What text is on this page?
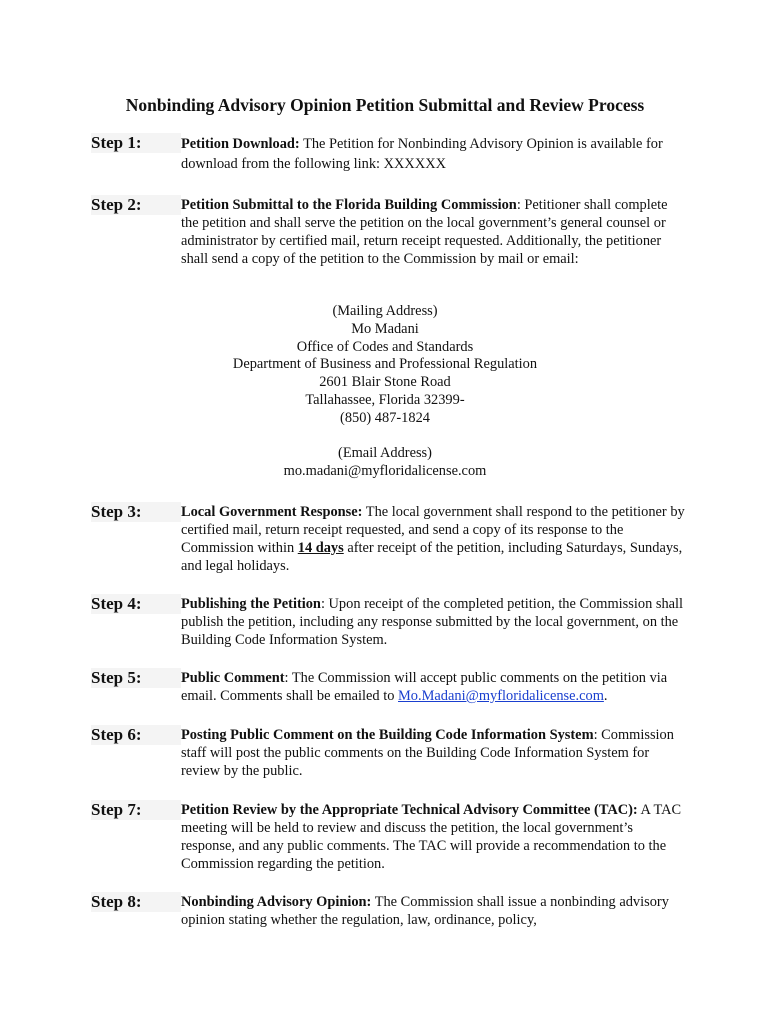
Nonbinding Advisory Opinion Petition Submittal and Review Process
Step 1:	Petition Download: The Petition for Nonbinding Advisory Opinion is available for download from the following link: XXXXXX
Step 2:	Petition Submittal to the Florida Building Commission: Petitioner shall complete the petition and shall serve the petition on the local government’s general counsel or administrator by certified mail, return receipt requested. Additionally, the petitioner shall send a copy of the petition to the Commission by mail or email:
(Mailing Address)
Mo Madani
Office of Codes and Standards
Department of Business and Professional Regulation
2601 Blair Stone Road
Tallahassee, Florida 32399-
(850) 487-1824
(Email Address)
mo.madani@myfloridalicense.com
Step 3:	Local Government Response: The local government shall respond to the petitioner by certified mail, return receipt requested, and send a copy of its response to the Commission within 14 days after receipt of the petition, including Saturdays, Sundays, and legal holidays.
Step 4:	Publishing the Petition: Upon receipt of the completed petition, the Commission shall publish the petition, including any response submitted by the local government, on the Building Code Information System.
Step 5:	Public Comment: The Commission will accept public comments on the petition via email. Comments shall be emailed to Mo.Madani@myfloridalicense.com.
Step 6:	Posting Public Comment on the Building Code Information System: Commission staff will post the public comments on the Building Code Information System for review by the public.
Step 7:	Petition Review by the Appropriate Technical Advisory Committee (TAC): A TAC meeting will be held to review and discuss the petition, the local government’s response, and any public comments. The TAC will provide a recommendation to the Commission regarding the petition.
Step 8:	Nonbinding Advisory Opinion: The Commission shall issue a nonbinding advisory opinion stating whether the regulation, law, ordinance, policy,
